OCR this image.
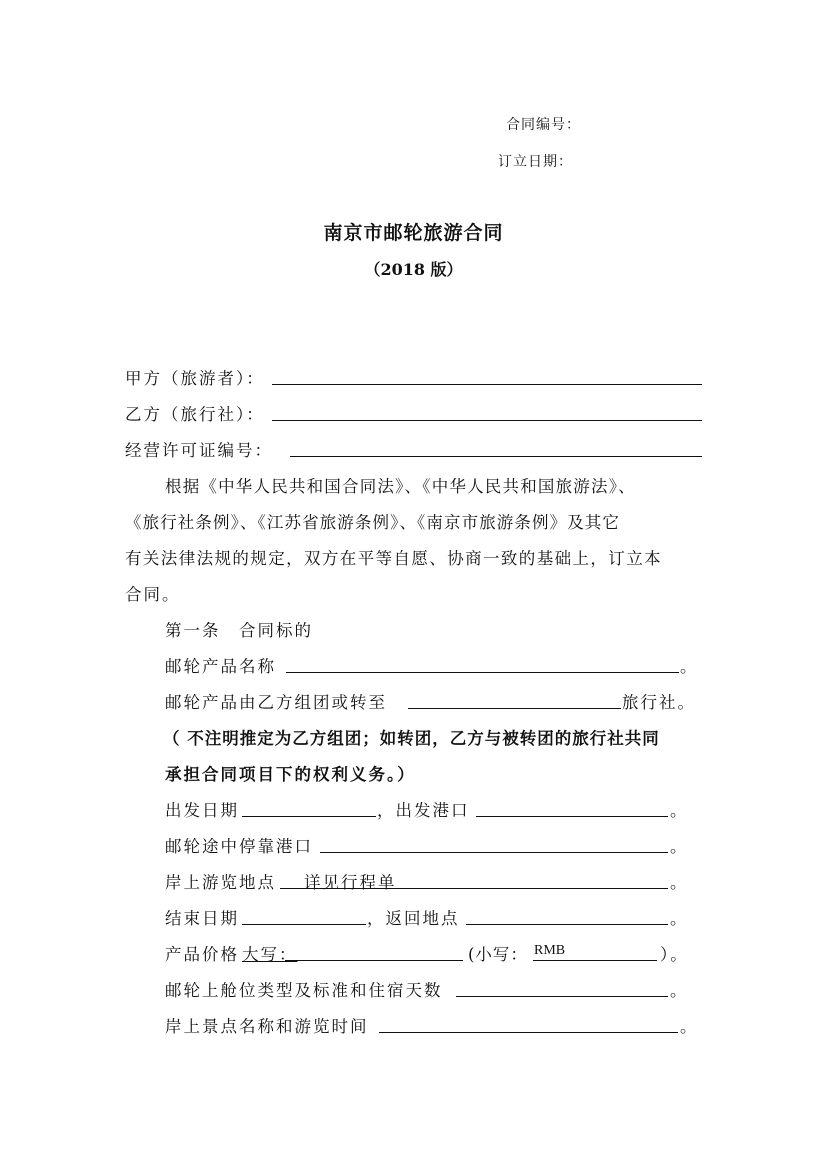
合同编号：
订立日期：
南京市邮轮旅游合同
（2018 版）
甲方（旅游者）：
乙方（旅行社）：
经营许可证编号：
根据《中华人民共和国合同法》、《中华人民共和国旅游法》、
《旅行社条例》、《江苏省旅游条例》、《南京市旅游条例》及其它
有关法律法规的规定，双方在平等自愿、协商一致的基础上，订立本
合同。
第一条　合同标的
邮轮产品名称	。
邮轮产品由乙方组团或转至	旅行社。
（ 不注明推定为乙方组团；如转团，乙方与被转团的旅行社共同
承担合同项目下的权利义务。）
出发日期	，出发港口	。
邮轮途中停靠港口	。
岸上游览地点 详见行程单	。
结束日期	，返回地点	。
产品价格 大写：	(小写： RMB	）。
邮轮上舱位类型及标准和住宿天数	。
岸上景点名称和游览时间	。
